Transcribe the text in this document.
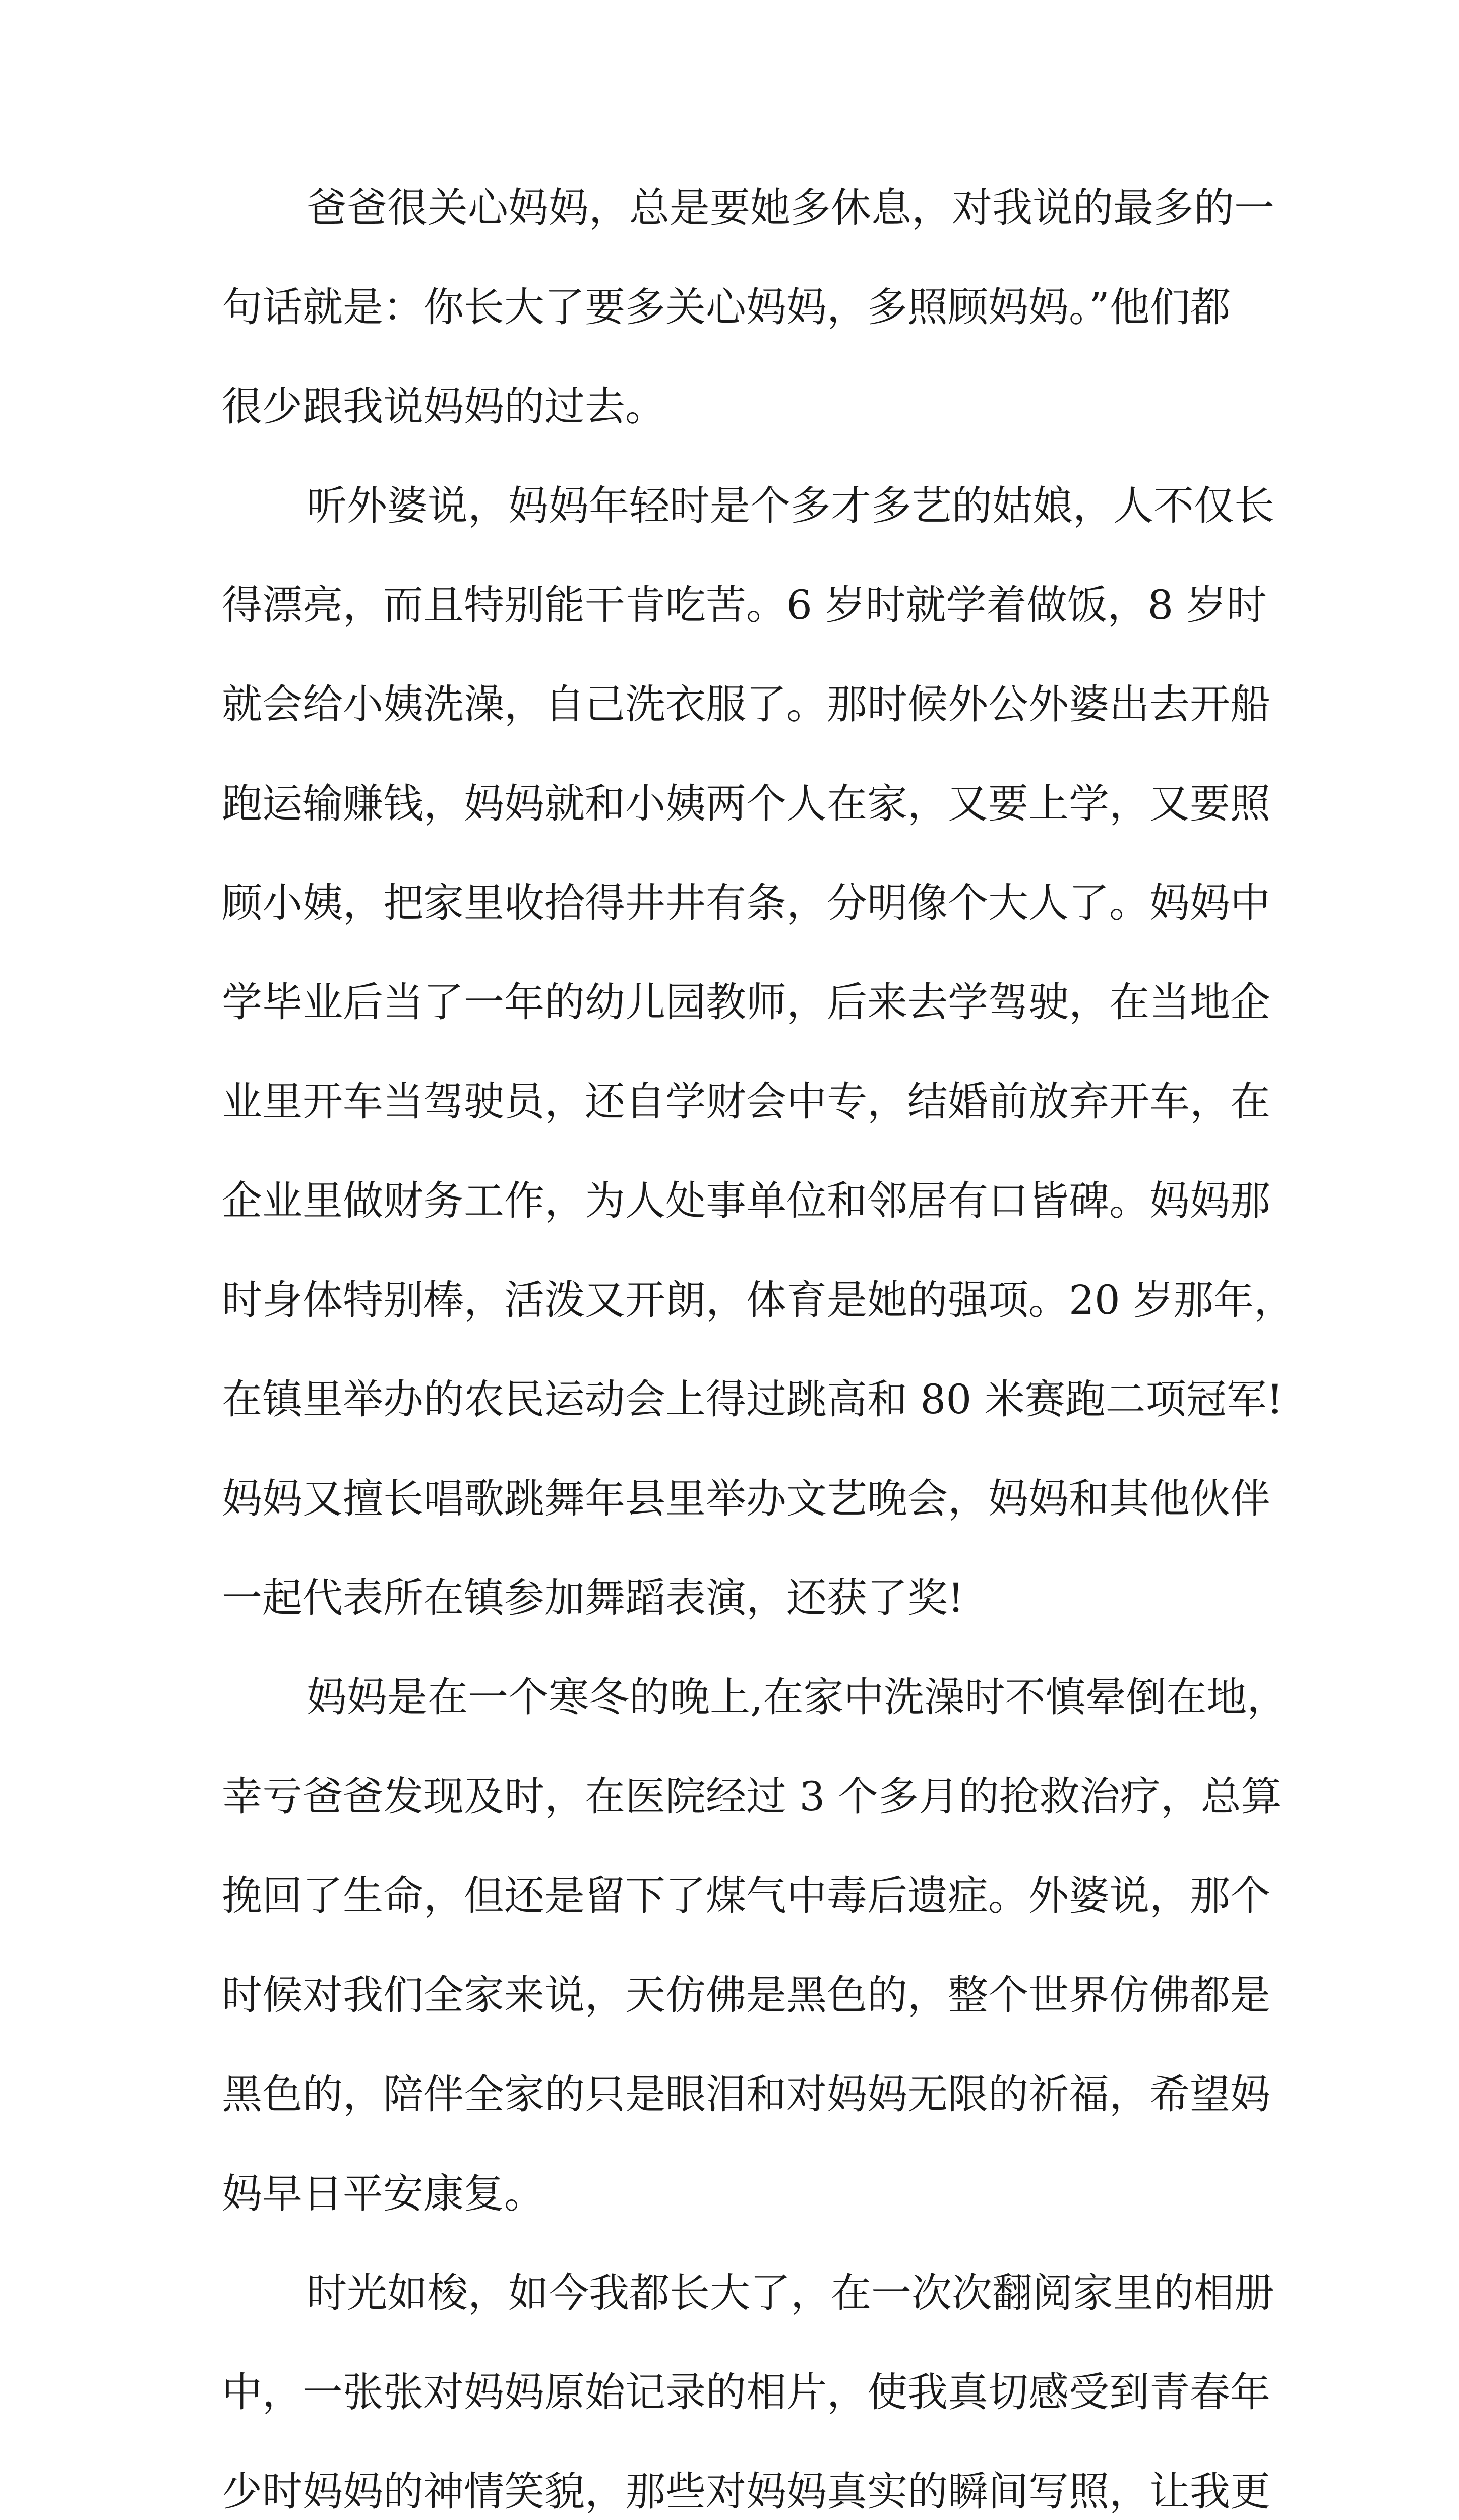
爸爸很关心妈妈，总是要她多休息，对我说的最多的一
句话就是：你长大了要多关心妈妈，多照顾妈妈。”他们都
很少跟我说妈妈的过去。
听外婆说，妈妈年轻时是个多才多艺的姑娘，人不仅长
得漂亮，而且特别能干肯吃苦。6 岁时就学着做饭，8 岁时
就会给小姨洗澡，自己洗衣服了。那时候外公外婆出去开船
跑运输赚钱，妈妈就和小姨两个人在家，又要上学，又要照
顾小姨，把家里收拾得井井有条，分明像个大人了。妈妈中
学毕业后当了一年的幼儿园教师，后来去学驾驶，在当地企
业里开车当驾驶员，还自学财会中专，结婚前放弃开车，在
企业里做财务工作，为人处事单位和邻居有口皆碑。妈妈那
时身体特别棒，活泼又开朗，体育是她的强项。20 岁那年，
在镇里举办的农民运动会上得过跳高和 80 米赛跑二项冠军!
妈妈又擅长唱歌跳舞年县里举办文艺晚会，妈妈和其他伙伴
一起代表所在镇参加舞蹈表演，还获了奖!
妈妈是在一个寒冬的晚上,在家中洗澡时不慎晕倒在地，
幸亏爸爸发现及时，在医院经过 3 个多月的抢救治疗，总算
挽回了生命，但还是留下了煤气中毒后遗症。外婆说，那个
时候对我们全家来说，天仿佛是黑色的，整个世界仿佛都是
黑色的，陪伴全家的只是眼泪和对妈妈无限的祈福，希望妈
妈早日平安康复。
时光如梭，如今我都长大了，在一次次翻阅家里的相册
中，一张张对妈妈原始记录的相片，使我真切感受到青春年
少时妈妈的神情笑貌，那些对妈妈真实的瞬间写照，让我更
